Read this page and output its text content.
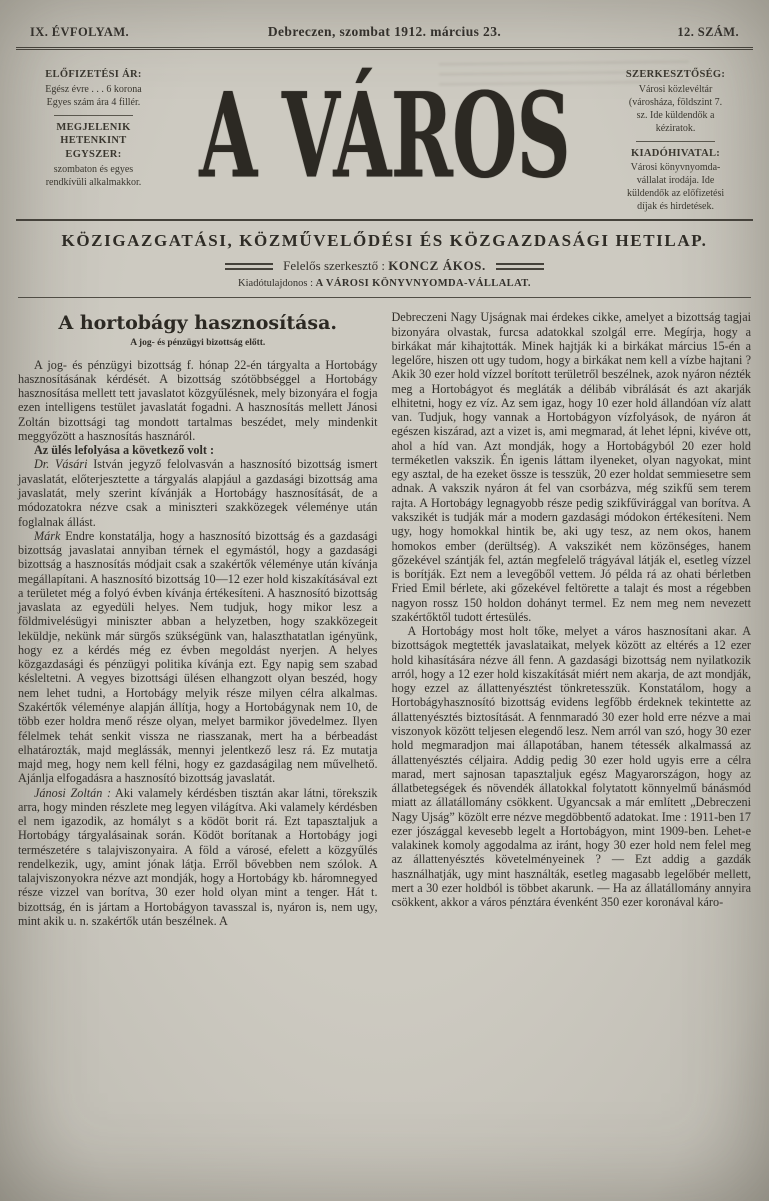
IX. ÉVFOLYAM.	Debreczen, szombat 1912. március 23.	12. SZÁM.
ELŐFIZETÉSI ÁR:
Egész évre . . . 6 korona
Egyes szám ára 4 fillér.
MEGJELENIK HETENKINT EGYSZER:
szombaton és egyes rendkívüli alkalmakkor. A VÁROS	SZERKESZTŐSÉG:
Városi közlevéltár (városháza, földszint 7. sz. Ide küldendők a kéziratok.
KIADÓHIVATAL:
Városi könyvnyomda-vállalat irodája. Ide küldendők az előfizetési díjak és hirdetések.
KÖZIGAZGATÁSI, KÖZMŰVELŐDÉSI ÉS KÖZGAZDASÁGI HETILAP.
Felelős szerkesztő : KONCZ ÁKOS.
Kiadótulajdonos : A VÁROSI KÖNYVNYOMDA-VÁLLALAT.
A hortobágy hasznosítása.
A jog- és pénzügyi bizottság előtt.

A jog- és pénzügyi bizottság f. hónap 22-én tárgyalta a Hortobágy hasznosításának kérdését. A bizottság szótöbbséggel a Hortobágy hasznosítása mellett tett javaslatot közgyűlésnek, mely bizonyára el fogja ezen intelligens testület javaslatát fogadni. A hasznosítás mellett Jánosi Zoltán bizottsági tag mondott tartalmas beszédet, mely mindenkit meggyőzött a hasznosítás hasznáról.

Az ülés lefolyása a következő volt :

Dr. Vásári István jegyző felolvasván a hasznosító bizottság ismert javaslatát, előterjesztette a tárgyalás alapjául a gazdasági bizottság ama javaslatát, mely szerint kívánják a Hortobágy hasznosítását, de a módozatokra nézve csak a miniszteri szakközegek véleménye után foglalnak állást.

Márk Endre konstatálja, hogy a hasznosító bizottság és a gazdasági bizottság javaslatai annyiban térnek el egymástól, hogy a gazdasági bizottság a hasznosítás módjait csak a szakértők véleménye után kívánja megállapítani. A hasznosító bizottság 10—12 ezer hold kiszakításával ezt a területet még a folyó évben kívánja értékesíteni. A hasznosító bizottság javaslata az egyedüli helyes. Nem tudjuk, hogy mikor lesz a földmivelésügyi miniszter abban a helyzetben, hogy szakközegeit leküldje, nekünk már sürgős szükségünk van, halaszthatatlan igényünk, hogy ez a kérdés még ez évben megoldást nyerjen. A helyes közgazdasági és pénzügyi politika kívánja ezt. Egy napig sem szabad késleltetni. A vegyes bizottsági ülésen elhangzott olyan beszéd, hogy nem lehet tudni, a Hortobágy melyik része milyen célra alkalmas. Szakértők véleménye alapján állítja, hogy a Hortobágynak nem 10, de több ezer holdra menő része olyan, melyet barmikor jövedelmez. Ilyen félelmek tehát senkit vissza ne riasszanak, mert ha a bérbeadást elhatározták, majd meglássák, mennyi jelentkező lesz rá. Ez mutatja majd meg, hogy nem kell félni, hogy ez gazdaságilag nem művelhető. Ajánlja elfogadásra a hasznosító bizottság javaslatát.

Jánosi Zoltán : Aki valamely kérdésben tisztán akar látni, törekszik arra, hogy minden részlete meg legyen világítva. Aki valamely kérdésben el nem igazodik, az homályt s a ködöt borit rá. Ezt tapasztaljuk a Hortobágy tárgyalásainak során. Ködöt borítanak a Hortobágy jogi természetére s talajviszonyaira. A föld a városé, efelett a közgyűlés rendelkezik, ugy, amint jónak látja. Erről bővebben nem szólok. A talajviszonyokra nézve azt mondják, hogy a Hortobágy kb. háromnegyed része vizzel van borítva, 30 ezer hold olyan mint a tenger. Hát t. bizottság, én is jártam a Hortobágyon tavasszal is, nyáron is, nem ugy, mint akik u. n. szakértők után beszélnek. A

Debreczeni Nagy Ujságnak mai érdekes cikke, amelyet a bizottság tagjai bizonyára olvastak, furcsa adatokkal szolgál erre. Megírja, hogy a birkákat már kihajtották. Minek hajtják ki a birkákat március 15-én a legelőre, hiszen ott ugy tudom, hogy a birkákat nem kell a vízbe hajtani ? Akik 30 ezer hold vízzel borított területről beszélnek, azok nyáron nézték meg a Hortobágyot és megláták a délibáb vibrálását és azt akarják elhitetni, hogy ez víz. Az sem igaz, hogy 10 ezer hold állandóan víz alatt van. Tudjuk, hogy vannak a Hortobágyon vízfolyások, de nyáron át egészen kiszárad, azt a vizet is, ami megmarad, át lehet lépni, kivéve ott, ahol a híd van. Azt mondják, hogy a Hortobágyból 20 ezer hold terméketlen vakszik. Én igenis láttam ilyeneket, olyan nagyokat, mint egy asztal, de ha ezeket össze is tesszük, 20 ezer holdat semmiesetre sem adnak. A vakszik nyáron át fel van csorbázva, még szikfű sem terem rajta. A Hortobágy legnagyobb része pedig szikfűvirággal van borítva. A vakszikét is tudják már a modern gazdasági módokon értékesíteni. Nem ugy, hogy homokkal hintik be, aki ugy tesz, az nem okos, hanem homokos ember (derültség). A vakszikét nem közönséges, hanem gőzekével szántják fel, aztán megfelelő trágyával látják el, esetleg vízzel is borítják. Ezt nem a levegőből vettem. Jó példa rá az ohati bérletben Fried Emil bérlete, aki gőzekével feltörette a talajt és most a régebben nagyon rossz 150 holdon dohányt termel. Ez nem meg nem nevezett szakértőktől tudott értesülés.

A Hortobágy most holt tőke, melyet a város hasznosítani akar. A bizottságok megtették javaslataikat, melyek között az eltérés a 12 ezer hold kihasítására nézve áll fenn. A gazdasági bizottság nem nyilatkozik arról, hogy a 12 ezer hold kiszakítását miért nem akarja, de azt mondják, hogy ezzel az állattenyésztést tönkretesszük. Konstatálom, hogy a Hortobágyhasznosító bizottság evidens legfőbb érdeknek tekintette az állattenyésztés biztosítását. A fennmaradó 30 ezer hold erre nézve a mai viszonyok között teljesen elegendő lesz. Nem arról van szó, hogy 30 ezer hold megmaradjon mai állapotában, hanem tétessék alkalmassá az állattenyésztés céljaira. Addig pedig 30 ezer hold ugyis erre a célra marad, mert sajnosan tapasztaljuk egész Magyarországon, hogy az állatbetegségek és növendék állatokkal folytatott könnyelmű bánásmód miatt az állatállomány csökkent. Ugyancsak a már említett „Debreczeni Nagy Ujság” közölt erre nézve megdöbbentő adatokat. Ime : 1911-ben 17 ezer jószággal kevesebb legelt a Hortobágyon, mint 1909-ben. Lehet-e valakinek komoly aggodalma az iránt, hogy 30 ezer hold nem felel meg az állattenyésztés követelményeinek ? — Ezt addig a gazdák használhatják, ugy mint használták, esetleg magasabb legelőbér mellett, mert a 30 ezer holdból is többet akarunk. — Ha az állatállomány annyira csökkent, akkor a város pénztára évenként 350 ezer koronával káro-
